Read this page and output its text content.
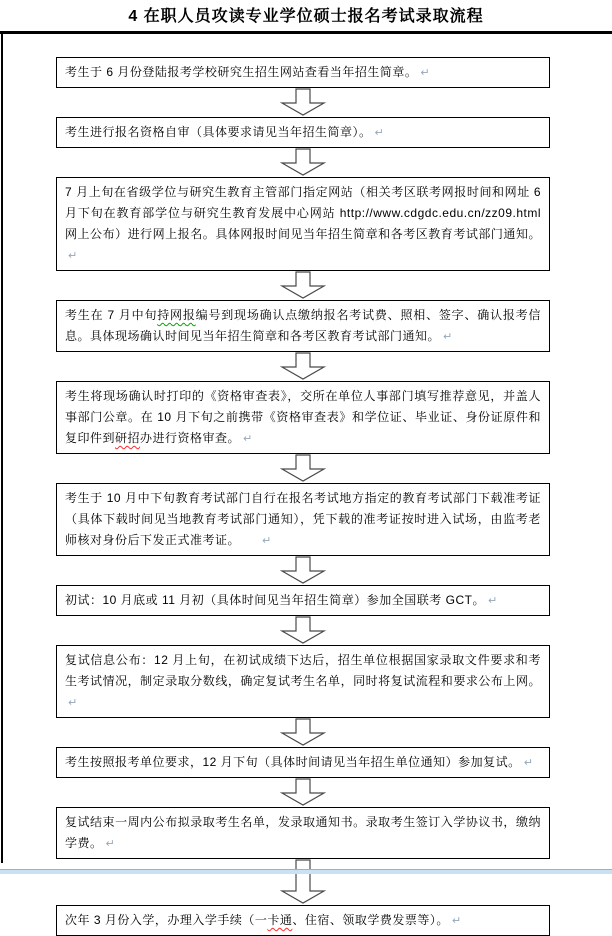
4 在职人员攻读专业学位硕士报名考试录取流程
考生于 6 月份登陆报考学校研究生招生网站查看当年招生简章。 ↵
考生进行报名资格自审（具体要求请见当年招生简章）。 ↵
7 月上旬在省级学位与研究生教育主管部门指定网站（相关考区联考网报时间和网址 6 月下旬在教育部学位与研究生教育发展中心网站 http://www.cdgdc.edu.cn/zz09.html 网上公布）进行网上报名。具体网报时间见当年招生简章和各考区教育考试部门通知。↵
考生在 7 月中旬持网报编号到现场确认点缴纳报名考试费、照相、签字、确认报考信息。具体现场确认时间见当年招生简章和各考区教育考试部门通知。 ↵
考生将现场确认时打印的《资格审查表》，交所在单位人事部门填写推荐意见，并盖人事部门公章。在 10 月下旬之前携带《资格审查表》和学位证、毕业证、身份证原件和复印件到研招办进行资格审查。 ↵
考生于 10 月中下旬教育考试部门自行在报名考试地方指定的教育考试部门下载准考证（具体下载时间见当地教育考试部门通知），凭下载的准考证按时进入试场，由监考老师核对身份后下发正式准考证。　　	↵
初试：10 月底或 11 月初（具体时间见当年招生简章）参加全国联考 GCT。 ↵
复试信息公布：12 月上旬，在初试成绩下达后，招生单位根据国家录取文件要求和考生考试情况，制定录取分数线，确定复试考生名单，同时将复试流程和要求公布上网。↵
考生按照报考单位要求，12 月下旬（具体时间请见当年招生单位通知）参加复试。 ↵
复试结束一周内公布拟录取考生名单，发录取通知书。录取考生签订入学协议书，缴纳学费。 ↵
次年 3 月份入学，办理入学手续（一卡通、住宿、领取学费发票等）。 ↵
